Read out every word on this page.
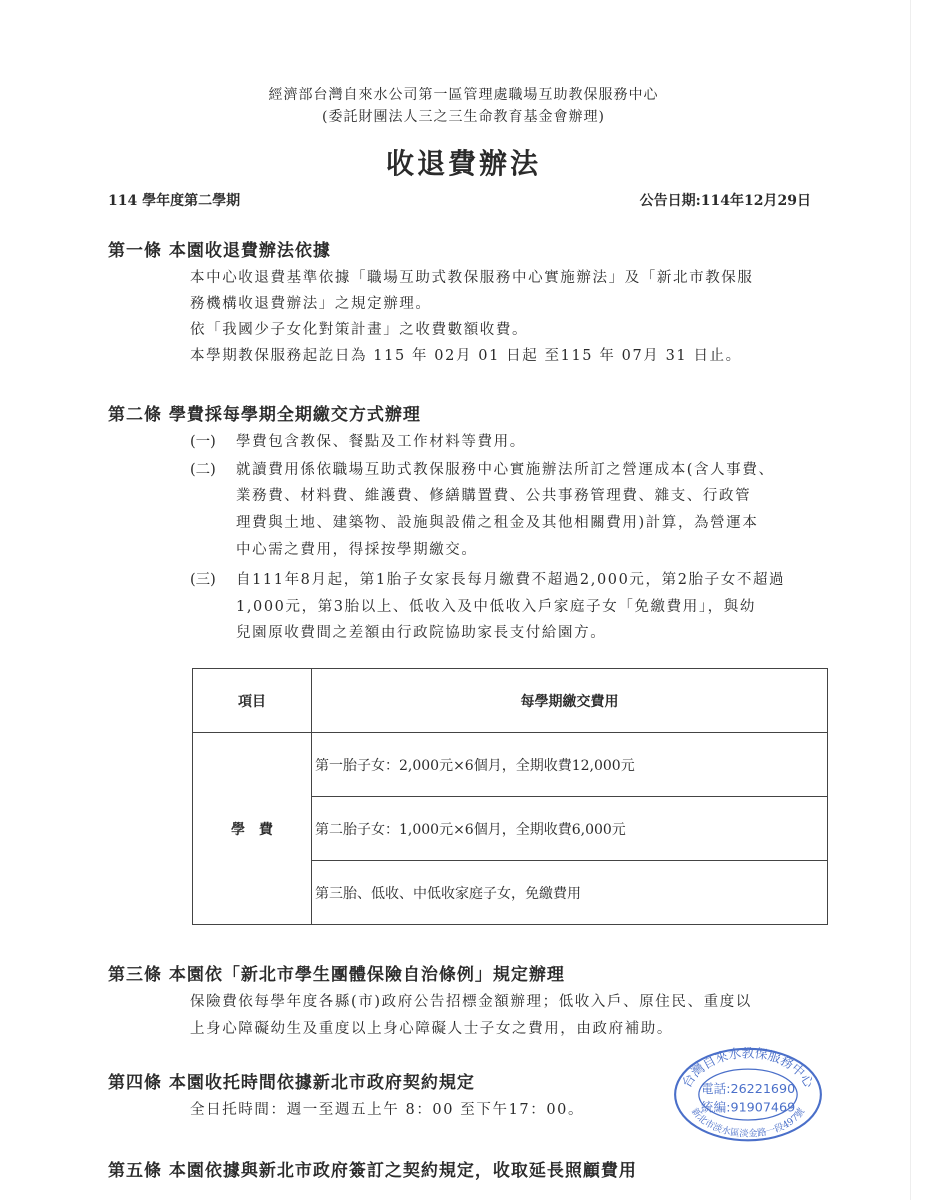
經濟部台灣自來水公司第一區管理處職場互助教保服務中心
(委託財團法人三之三生命教育基金會辦理)
收退費辦法
114 學年度第二學期	公告日期:114年12月29日
第一條 本園收退費辦法依據
本中心收退費基準依據「職場互助式教保服務中心實施辦法」及「新北市教保服
務機構收退費辦法」之規定辦理。
依「我國少子女化對策計畫」之收費數額收費。
本學期教保服務起訖日為 115 年 02月 01 日起 至115 年 07月 31 日止。
第二條 學費採每學期全期繳交方式辦理
(一) 學費包含教保、餐點及工作材料等費用。
(二) 就讀費用係依職場互助式教保服務中心實施辦法所訂之營運成本(含人事費、
業務費、材料費、維護費、修繕購置費、公共事務管理費、雜支、行政管
理費與土地、建築物、設施與設備之租金及其他相關費用)計算，為營運本
中心需之費用，得採按學期繳交。
(三) 自111年8月起，第1胎子女家長每月繳費不超過2,000元，第2胎子女不超過
1,000元，第3胎以上、低收入及中低收入戶家庭子女「免繳費用」，與幼
兒園原收費間之差額由行政院協助家長支付給園方。
項目	每學期繳交費用
學　費	第一胎子女：2,000元×6個月，全期收費12,000元
	第二胎子女：1,000元×6個月，全期收費6,000元
	第三胎、低收、中低收家庭子女，免繳費用
第三條 本園依「新北市學生團體保險自治條例」規定辦理
保險費依每學年度各縣(市)政府公告招標金額辦理；低收入戶、原住民、重度以
上身心障礙幼生及重度以上身心障礙人士子女之費用，由政府補助。
第四條 本園收托時間依據新北市政府契約規定
全日托時間：週一至週五上午 8：00 至下午17：00。
第五條 本園依據與新北市政府簽訂之契約規定，收取延長照顧費用
台灣自來水教保服務中心
新北市淡水區淡金路一段497號
電話:26221690
統編:91907469
